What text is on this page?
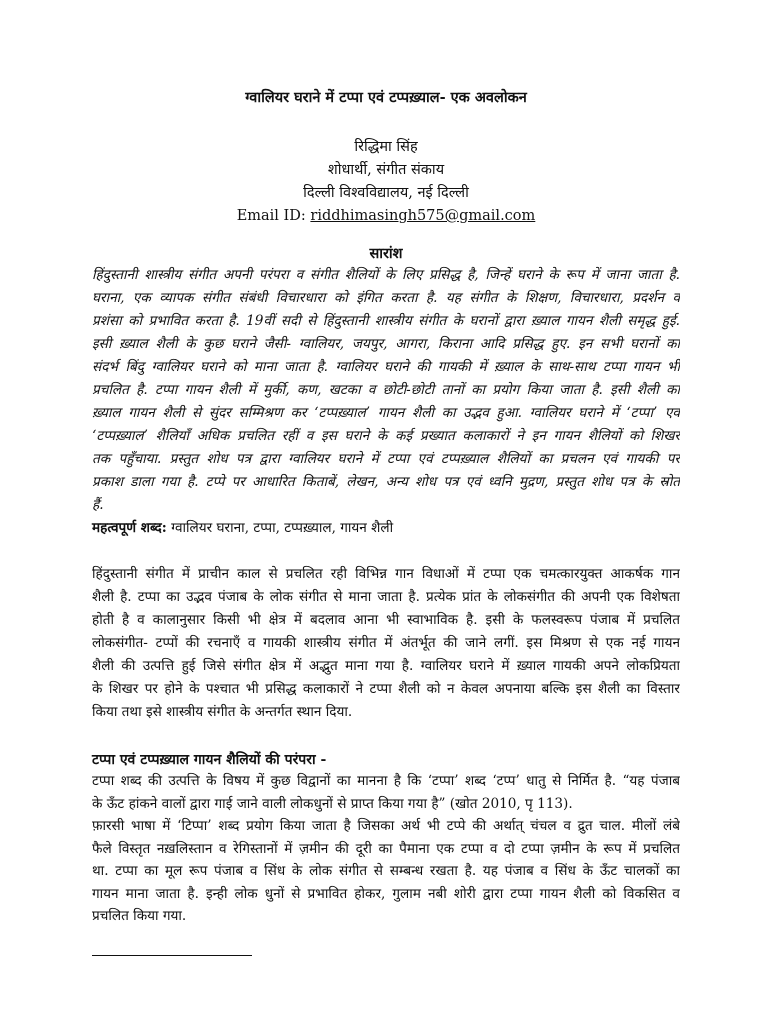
ग्वालियर घराने में टप्पा एवं टप्पख़्याल- एक अवलोकन
रिद्धिमा सिंह
शोधार्थी, संगीत संकाय
दिल्ली विश्वविद्यालय, नई दिल्ली
Email ID: riddhimasingh575@gmail.com
सारांश
हिंदुस्तानी शास्त्रीय संगीत अपनी परंपरा व संगीत शैलियों के लिए प्रसिद्ध है, जिन्हें घराने के रूप में जाना जाता है.
घराना, एक व्यापक संगीत संबंधी विचारधारा को इंगित करता है. यह संगीत के शिक्षण, विचारधारा, प्रदर्शन व
प्रशंसा को प्रभावित करता है. 19वीं सदी से हिंदुस्तानी शास्त्रीय संगीत के घरानों द्वारा ख़्याल गायन शैली समृद्ध हुई.
इसी ख़्याल शैली के कुछ घराने जैसी- ग्वालियर, जयपुर, आगरा, किराना आदि प्रसिद्ध हुए. इन सभी घरानों का
संदर्भ बिंदु ग्वालियर घराने को माना जाता है. ग्वालियर घराने की गायकी में ख़्याल के साथ-साथ टप्पा गायन भी
प्रचलित है. टप्पा गायन शैली में मुर्की, कण, खटका व छोटी-छोटी तानों का प्रयोग किया जाता है. इसी शैली का
ख़्याल गायन शैली से सुंदर सम्मिश्रण कर ‘टप्पख़्याल’ गायन शैली का उद्भव हुआ. ग्वालियर घराने में ‘टप्पा’ एवं
‘टप्पख़्याल’ शैलियाँ अधिक प्रचलित रहीं व इस घराने के कई प्रख्यात कलाकारों ने इन गायन शैलियों को शिखर
तक पहुँचाया. प्रस्तुत शोध पत्र द्वारा ग्वालियर घराने में टप्पा एवं टप्पख़्याल शैलियों का प्रचलन एवं गायकी पर
प्रकाश डाला गया है. टप्पे पर आधारित किताबें, लेखन, अन्य शोध पत्र एवं ध्वनि मुद्रण, प्रस्तुत शोध पत्र के स्रोत
हैं.
महत्वपूर्ण शब्द: ग्वालियर घराना, टप्पा, टप्पख़्याल, गायन शैली
हिंदुस्तानी संगीत में प्राचीन काल से प्रचलित रही विभिन्न गान विधाओं में टप्पा एक चमत्कारयुक्त आकर्षक गान
शैली है. टप्पा का उद्भव पंजाब के लोक संगीत से माना जाता है. प्रत्येक प्रांत के लोकसंगीत की अपनी एक विशेषता
होती है व कालानुसार किसी भी क्षेत्र में बदलाव आना भी स्वाभाविक है. इसी के फलस्वरूप पंजाब में प्रचलित
लोकसंगीत- टप्पों की रचनाएँ व गायकी शास्त्रीय संगीत में अंतर्भूत की जाने लगीं. इस मिश्रण से एक नई गायन
शैली की उत्पत्ति हुई जिसे संगीत क्षेत्र में अद्भुत माना गया है. ग्वालियर घराने में ख़्याल गायकी अपने लोकप्रियता
के शिखर पर होने के पश्चात भी प्रसिद्ध कलाकारों ने टप्पा शैली को न केवल अपनाया बल्कि इस शैली का विस्तार
किया तथा इसे शास्त्रीय संगीत के अन्तर्गत स्थान दिया.
टप्पा एवं टप्पख़्याल गायन शैलियों की परंपरा -
टप्पा शब्द की उत्पत्ति के विषय में कुछ विद्वानों का मानना है कि ‘टप्पा’ शब्द ‘टप्प’ धातु से निर्मित है. “यह पंजाब
के ऊँट हांकने वालों द्वारा गाई जाने वाली लोकधुनों से प्राप्त किया गया है” (खोत 2010, पृ 113).
फ़ारसी भाषा में ‘टिप्पा’ शब्द प्रयोग किया जाता है जिसका अर्थ भी टप्पे की अर्थात् चंचल व द्रुत चाल. मीलों लंबे
फैले विस्तृत नख़लिस्तान व रेगिस्तानों में ज़मीन की दूरी का पैमाना एक टप्पा व दो टप्पा ज़मीन के रूप में प्रचलित
था. टप्पा का मूल रूप पंजाब व सिंध के लोक संगीत से सम्बन्ध रखता है. यह पंजाब व सिंध के ऊँट चालकों का
गायन माना जाता है. इन्ही लोक धुनों से प्रभावित होकर, गुलाम नबी शोरी द्वारा टप्पा गायन शैली को विकसित व
प्रचलित किया गया.
